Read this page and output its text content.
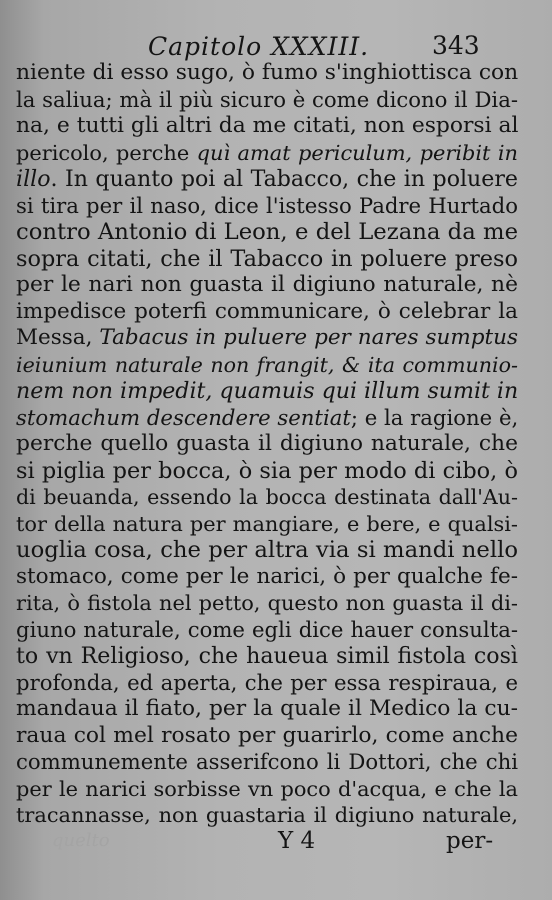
Capitolo XXXIII.	343
niente di esso sugo, ò fumo s'inghiottisca con
la saliua; mà il più sicuro è come dicono il Dia-
na, e tutti gli altri da me citati, non esporsi al
pericolo, perche quì amat periculum, peribit in
illo. In quanto poi al Tabacco, che in poluere
si tira per il naso, dice l'istesso Padre Hurtado
contro Antonio di Leon, e del Lezana da me
sopra citati, che il Tabacco in poluere preso
per le nari non guasta il digiuno naturale, nè
impedisce poterfi communicare, ò celebrar la
Messa, Tabacus in puluere per nares sumptus
ieiunium naturale non frangit, & ita communio-
nem non impedit, quamuis qui illum sumit in
stomachum descendere sentiat; e la ragione è,
perche quello guasta il digiuno naturale, che
si piglia per bocca, ò sia per modo di cibo, ò
di beuanda, essendo la bocca destinata dall'Au-
tor della natura per mangiare, e bere, e qualsi-
uoglia cosa, che per altra via si mandi nello
stomaco, come per le narici, ò per qualche fe-
rita, ò fistola nel petto, questo non guasta il di-
giuno naturale, come egli dice hauer consulta-
to vn Religioso, che haueua simil fistola così
profonda, ed aperta, che per essa respiraua, e
mandaua il fiato, per la quale il Medico la cu-
raua col mel rosato per guarirlo, come anche
communemente asserifcono li Dottori, che chi
per le narici sorbisse vn poco d'acqua, e che la
tracannasse, non guastaria il digiuno naturale,
quelto	Y 4	per-
